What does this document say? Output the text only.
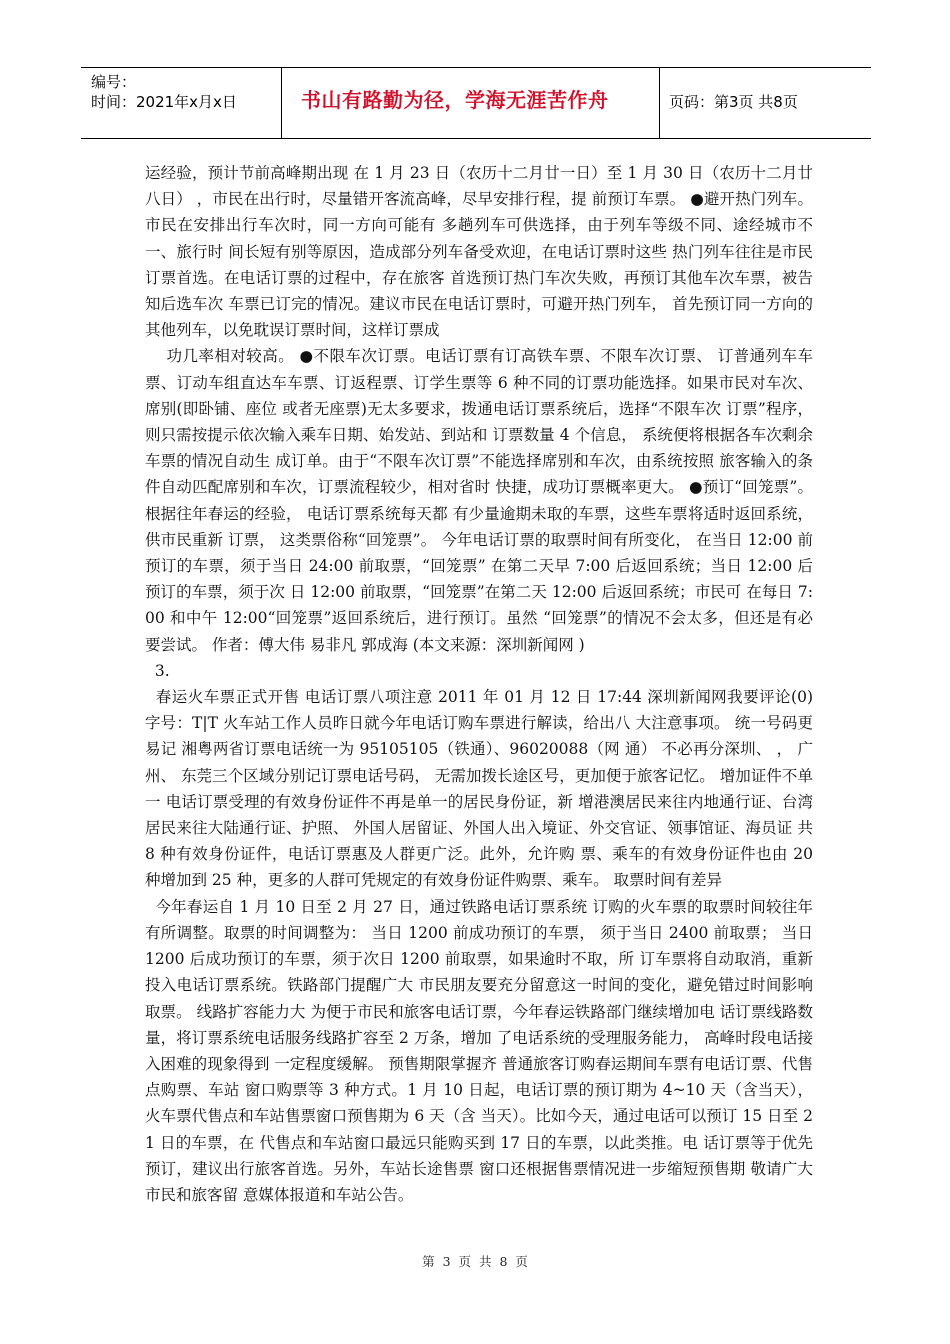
编号：
时间：2021年x月x日	书山有路勤为径，学海无涯苦作舟	页码：第3页 共8页

运经验，预计节前高峰期出现 在 1 月 23 日（农历十二月廿一日）至 1 月 30 日（农历十二月廿 八日） ，市民在出行时，尽量错开客流高峰，尽早安排行程，提 前预订车票。 ●避开热门列车。市民在安排出行车次时，同一方向可能有 多趟列车可供选择，由于列车等级不同、途经城市不一、旅行时 间长短有别等原因，造成部分列车备受欢迎，在电话订票时这些 热门列车往往是市民订票首选。在电话订票的过程中，存在旅客 首选预订热门车次失败，再预订其他车次车票，被告知后选车次 车票已订完的情况。建议市民在电话订票时，可避开热门列车， 首先预订同一方向的其他列车，以免耽误订票时间，这样订票成

功几率相对较高。 ●不限车次订票。电话订票有订高铁车票、不限车次订票、 订普通列车车票、订动车组直达车车票、订返程票、订学生票等 6 种不同的订票功能选择。如果市民对车次、席别(即卧铺、座位 或者无座票)无太多要求，拨通电话订票系统后，选择“不限车次 订票”程序，则只需按提示依次输入乘车日期、始发站、到站和 订票数量 4 个信息， 系统便将根据各车次剩余车票的情况自动生 成订单。由于“不限车次订票”不能选择席别和车次，由系统按照 旅客输入的条件自动匹配席别和车次，订票流程较少，相对省时 快捷，成功订票概率更大。 ●预订“回笼票”。 根据往年春运的经验， 电话订票系统每天都 有少量逾期未取的车票，这些车票将适时返回系统，供市民重新 订票， 这类票俗称“回笼票”。 今年电话订票的取票时间有所变化， 在当日 12:00 前预订的车票，须于当日 24:00 前取票，“回笼票” 在第二天早 7:00 后返回系统；当日 12:00 后预订的车票，须于次 日 12:00 前取票，“回笼票”在第二天 12:00 后返回系统；市民可 在每日 7:00 和中午 12:00“回笼票”返回系统后，进行预订。虽然 “回笼票”的情况不会太多，但还是有必要尝试。 作者：傅大伟 易非凡 郭成海 (本文来源：深圳新闻网 )

3.

春运火车票正式开售 电话订票八项注意 2011 年 01 月 12 日 17:44 深圳新闻网我要评论(0) 字号：T|T 火车站工作人员昨日就今年电话订购车票进行解读，给出八 大注意事项。 统一号码更易记 湘粤两省订票电话统一为 95105105（铁通）、96020088（网 通） 不必再分深圳、 ， 广州、 东莞三个区域分别记订票电话号码， 无需加拨长途区号，更加便于旅客记忆。 增加证件不单一 电话订票受理的有效身份证件不再是单一的居民身份证，新 增港澳居民来往内地通行证、台湾居民来往大陆通行证、护照、 外国人居留证、外国人出入境证、外交官证、领事馆证、海员证 共 8 种有效身份证件，电话订票惠及人群更广泛。此外，允许购 票、乘车的有效身份证件也由 20 种增加到 25 种，更多的人群可凭规定的有效身份证件购票、乘车。 取票时间有差异

今年春运自 1 月 10 日至 2 月 27 日，通过铁路电话订票系统 订购的火车票的取票时间较往年有所调整。取票的时间调整为： 当日 1200 前成功预订的车票， 须于当日 2400 前取票； 当日 1200 后成功预订的车票，须于次日 1200 前取票，如果逾时不取，所 订车票将自动取消，重新投入电话订票系统。铁路部门提醒广大 市民朋友要充分留意这一时间的变化，避免错过时间影响取票。 线路扩容能力大 为便于市民和旅客电话订票，今年春运铁路部门继续增加电 话订票线路数量，将订票系统电话服务线路扩容至 2 万条，增加 了电话系统的受理服务能力， 高峰时段电话接入困难的现象得到 一定程度缓解。 预售期限掌握齐 普通旅客订购春运期间车票有电话订票、代售点购票、车站 窗口购票等 3 种方式。1 月 10 日起，电话订票的预订期为 4~10 天（含当天），火车票代售点和车站售票窗口预售期为 6 天（含 当天）。比如今天，通过电话可以预订 15 日至 21 日的车票，在 代售点和车站窗口最远只能购买到 17 日的车票，以此类推。电 话订票等于优先预订，建议出行旅客首选。另外，车站长途售票 窗口还根据售票情况进一步缩短预售期 敬请广大市民和旅客留 意媒体报道和车站公告。

第 3 页 共 8 页
